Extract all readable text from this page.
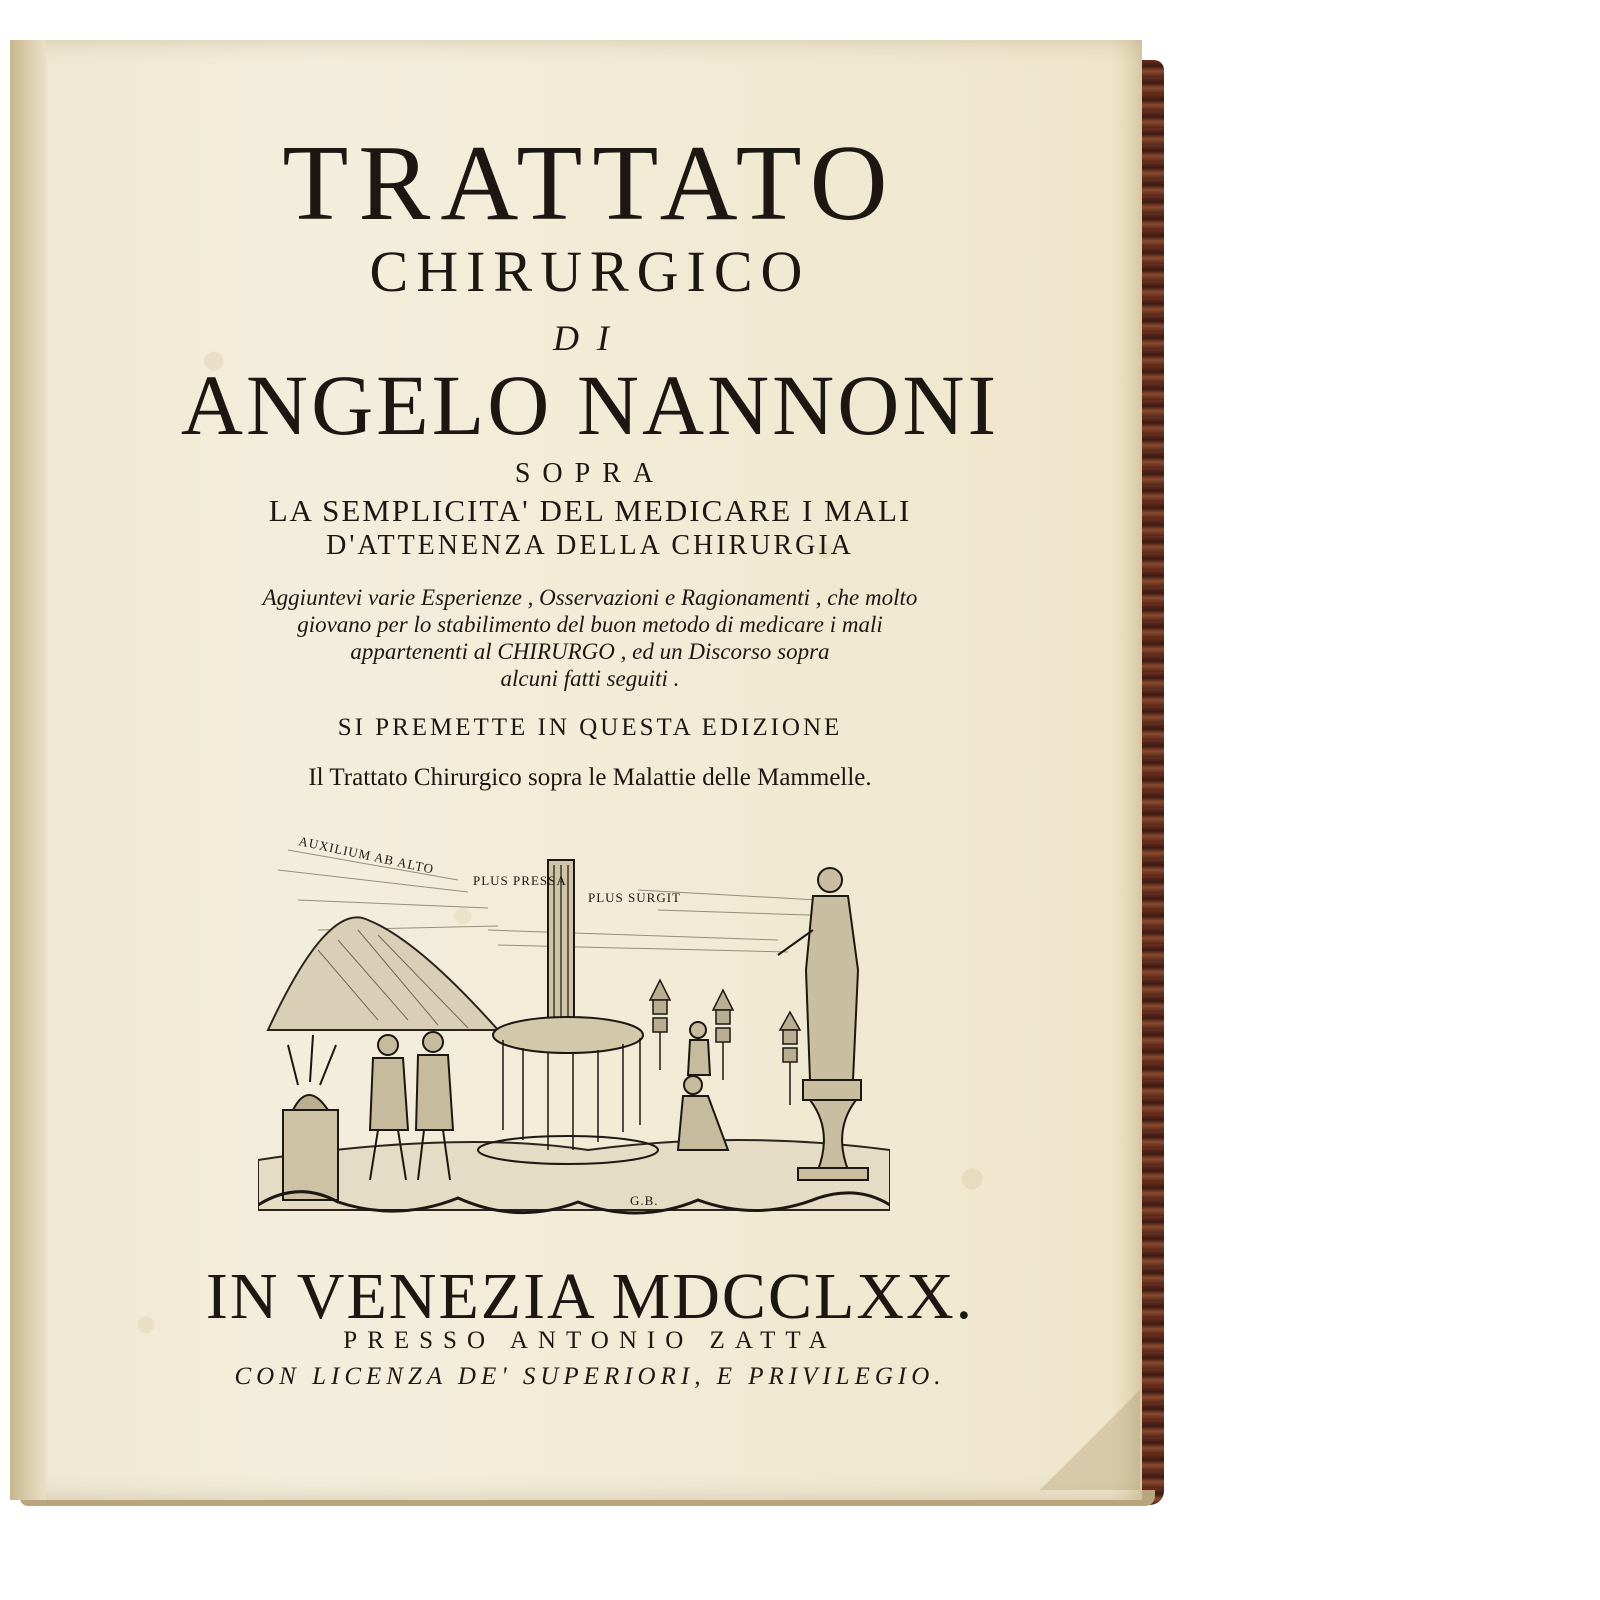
TRATTATO

CHIRURGICO

DI

ANGELO NANNONI

SOPRA

LA SEMPLICITA' DEL MEDICARE I MALI

D'ATTENENZA DELLA CHIRURGIA

Aggiuntevi varie Esperienze , Osservazioni e Ragionamenti , che molto

giovano per lo stabilimento del buon metodo di medicare i mali

appartenenti al CHIRURGO , ed un Discorso sopra

alcuni fatti seguiti .

SI PREMETTE IN QUESTA EDIZIONE

Il Trattato Chirurgico sopra le Malattie delle Mammelle.

AUXILIUM AB ALTO
PLUS PRESSA
PLUS SURGIT
G.B.

IN VENEZIA MDCCLXX.

PRESSO ANTONIO ZATTA

CON LICENZA DE' SUPERIORI, E PRIVILEGIO.
